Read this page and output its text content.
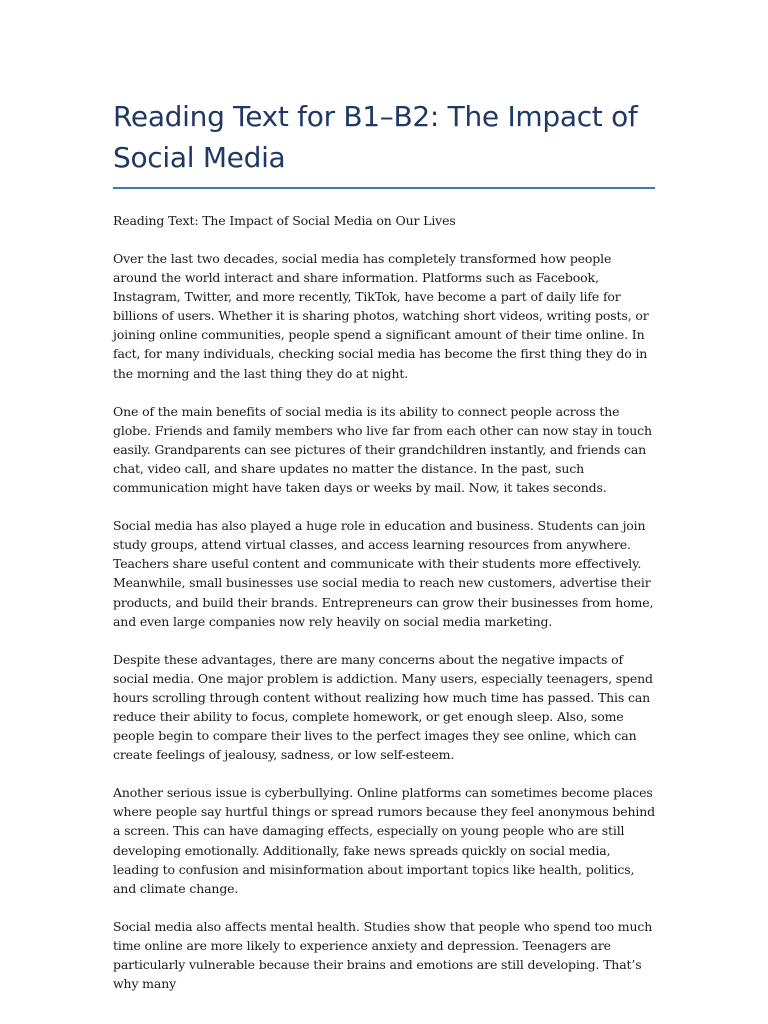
Reading Text for B1–B2: The Impact of Social Media

Reading Text: The Impact of Social Media on Our Lives

Over the last two decades, social media has completely transformed how people around the world interact and share information. Platforms such as Facebook, Instagram, Twitter, and more recently, TikTok, have become a part of daily life for billions of users. Whether it is sharing photos, watching short videos, writing posts, or joining online communities, people spend a significant amount of their time online. In fact, for many individuals, checking social media has become the first thing they do in the morning and the last thing they do at night.

One of the main benefits of social media is its ability to connect people across the globe. Friends and family members who live far from each other can now stay in touch easily. Grandparents can see pictures of their grandchildren instantly, and friends can chat, video call, and share updates no matter the distance. In the past, such communication might have taken days or weeks by mail. Now, it takes seconds.

Social media has also played a huge role in education and business. Students can join study groups, attend virtual classes, and access learning resources from anywhere. Teachers share useful content and communicate with their students more effectively. Meanwhile, small businesses use social media to reach new customers, advertise their products, and build their brands. Entrepreneurs can grow their businesses from home, and even large companies now rely heavily on social media marketing.

Despite these advantages, there are many concerns about the negative impacts of social media. One major problem is addiction. Many users, especially teenagers, spend hours scrolling through content without realizing how much time has passed. This can reduce their ability to focus, complete homework, or get enough sleep. Also, some people begin to compare their lives to the perfect images they see online, which can create feelings of jealousy, sadness, or low self-esteem.

Another serious issue is cyberbullying. Online platforms can sometimes become places where people say hurtful things or spread rumors because they feel anonymous behind a screen. This can have damaging effects, especially on young people who are still developing emotionally. Additionally, fake news spreads quickly on social media, leading to confusion and misinformation about important topics like health, politics, and climate change.

Social media also affects mental health. Studies show that people who spend too much time online are more likely to experience anxiety and depression. Teenagers are particularly vulnerable because their brains and emotions are still developing. That’s why many
